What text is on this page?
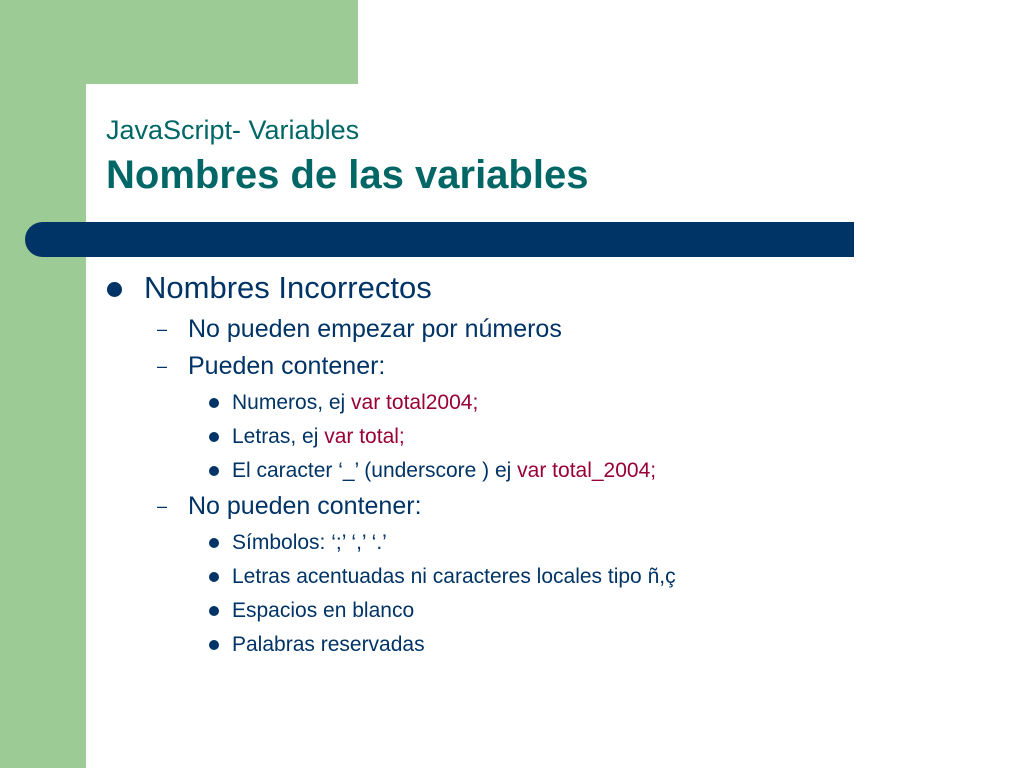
JavaScript- Variables
Nombres de las variables
Nombres Incorrectos
– No pueden empezar por números
– Pueden contener:
Numeros, ej var total2004;
Letras, ej var total;
El caracter ‘_’ (underscore ) ej var total_2004;
– No pueden contener:
Símbolos: ‘;’ ‘,’ ‘.’
Letras acentuadas ni caracteres locales tipo ñ,ç
Espacios en blanco
Palabras reservadas
